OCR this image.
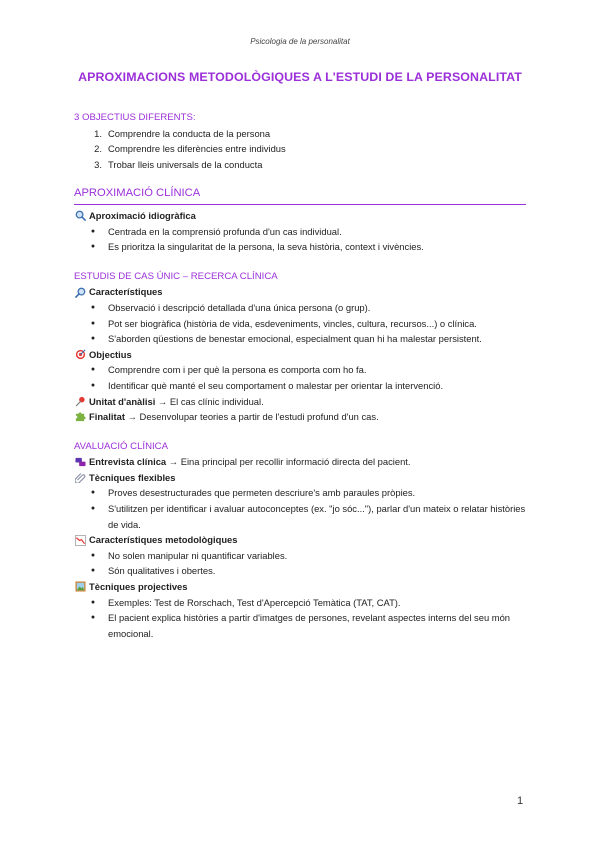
Psicologia de la personalitat
APROXIMACIONS METODOLÒGIQUES A L'ESTUDI DE LA PERSONALITAT
3 OBJECTIUS DIFERENTS:
1. Comprendre la conducta de la persona
2. Comprendre les diferències entre individus
3. Trobar lleis universals de la conducta
APROXIMACIÓ CLÍNICA
Aproximació idiogràfica
●	Centrada en la comprensió profunda d'un cas individual.
●	Es prioritza la singularitat de la persona, la seva història, context i vivències.
ESTUDIS DE CAS ÚNIC – RECERCA CLÍNICA
Característiques
●	Observació i descripció detallada d'una única persona (o grup).
●	Pot ser biogràfica (història de vida, esdeveniments, vincles, cultura, recursos...) o clínica.
●	S'aborden qüestions de benestar emocional, especialment quan hi ha malestar persistent.
Objectius
●	Comprendre com i per què la persona es comporta com ho fa.
●	Identificar què manté el seu comportament o malestar per orientar la intervenció.
Unitat d'anàlisi
→
El cas clínic individual.
Finalitat
→
Desenvolupar teories a partir de l'estudi profund d'un cas.
AVALUACIÓ CLÍNICA
Entrevista clínica
→
Eina principal per recollir informació directa del pacient.
Tècniques flexibles
●	Proves desestructurades que permeten descriure's amb paraules pròpies.
●	S'utilitzen per identificar i avaluar autoconceptes (ex. "jo sóc..."), parlar d'un mateix o relatar històries de vida.
Característiques metodològiques
●	No solen manipular ni quantificar variables.
●	Són qualitatives i obertes.
Tècniques projectives
●	Exemples: Test de Rorschach, Test d'Apercepció Temàtica (TAT, CAT).
●	El pacient explica històries a partir d'imatges de persones, revelant aspectes interns del seu món emocional.
1
